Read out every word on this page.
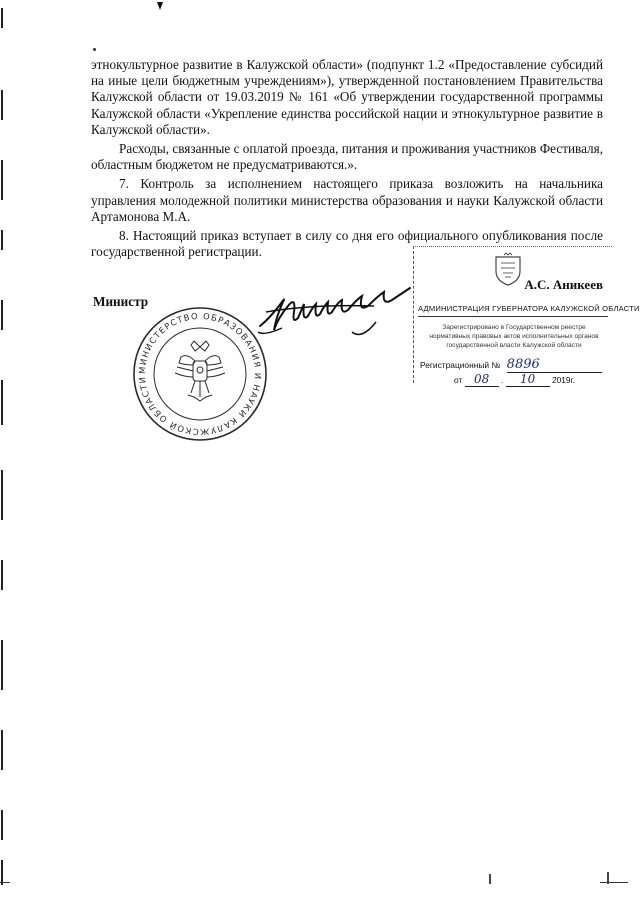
этнокультурное развитие в Калужской области» (подпункт 1.2 «Предоставление субсидий на иные цели бюджетным учреждениям»), утвержденной постановлением Правительства Калужской области от 19.03.2019 № 161 «Об утверждении государственной программы Калужской области «Укрепление единства российской нации и этнокультурное развитие в Калужской области».

Расходы, связанные с оплатой проезда, питания и проживания участников Фестиваля, областным бюджетом не предусматриваются.».

7. Контроль за исполнением настоящего приказа возложить на начальника управления молодежной политики министерства образования и науки Калужской области Артамонова М.А.

8. Настоящий приказ вступает в силу со дня его официального опубликования после государственной регистрации.

АДМИНИСТРАЦИЯ ГУБЕРНАТОРА КАЛУЖСКОЙ ОБЛАСТИ
Зарегистрировано в Государственном реестре нормативных правовых актов исполнительных органов государственной власти Калужской области
Регистрационный № 8896
от 08 . 10 2019г.
МИНИСТЕРСТВО ОБРАЗОВАНИЯ И НАУКИ КАЛУЖСКОЙ ОБЛАСТИ
Министр
А.С. Аникеев
